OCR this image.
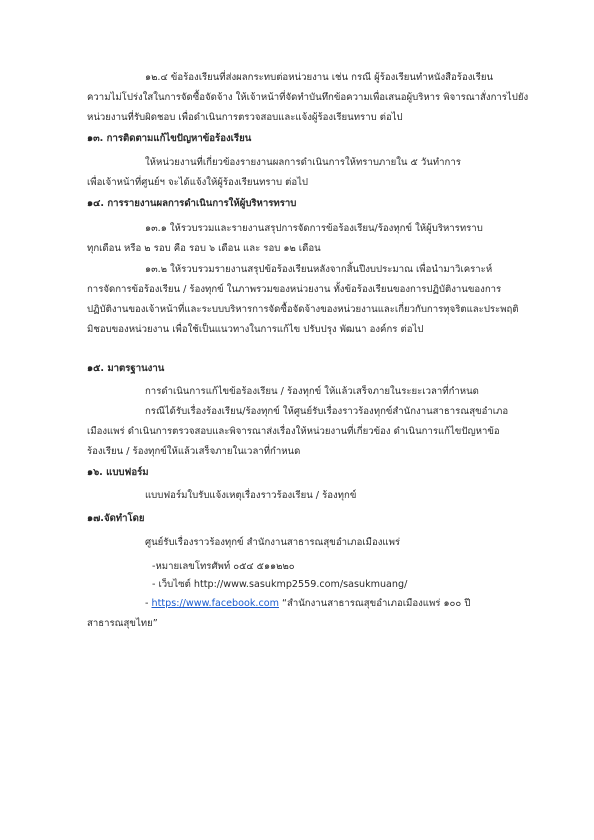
๑๒.๔ ข้อร้องเรียนที่ส่งผลกระทบต่อหน่วยงาน เช่น กรณี ผู้ร้องเรียนทำหนังสือร้องเรียน
ความไม่โปร่งใสในการจัดซื้อจัดจ้าง ให้เจ้าหน้าที่จัดทำบันทึกข้อความเพื่อเสนอผู้บริหาร พิจารณาสั่งการไปยัง
หน่วยงานที่รับผิดชอบ เพื่อดำเนินการตรวจสอบและแจ้งผู้ร้องเรียนทราบ ต่อไป
๑๓. การติดตามแก้ไขปัญหาข้อร้องเรียน
ให้หน่วยงานที่เกี่ยวข้องรายงานผลการดำเนินการให้ทราบภายใน ๕ วันทำการ
เพื่อเจ้าหน้าที่ศูนย์ฯ จะได้แจ้งให้ผู้ร้องเรียนทราบ ต่อไป
๑๔. การรายงานผลการดำเนินการให้ผู้บริหารทราบ
๑๓.๑ ให้รวบรวมและรายงานสรุปการจัดการข้อร้องเรียน/ร้องทุกข์ ให้ผู้บริหารทราบ
ทุกเดือน หรือ ๒ รอบ คือ รอบ ๖ เดือน และ รอบ ๑๒ เดือน
๑๓.๒ ให้รวบรวมรายงานสรุปข้อร้องเรียนหลังจากสิ้นปีงบประมาณ เพื่อนำมาวิเคราะห์
การจัดการข้อร้องเรียน / ร้องทุกข์ ในภาพรวมของหน่วยงาน ทั้งข้อร้องเรียนของการปฏิบัติงานของการ
ปฏิบัติงานของเจ้าหน้าที่และระบบบริหารการจัดซื้อจัดจ้างของหน่วยงานและเกี่ยวกับการทุจริตและประพฤติ
มิชอบของหน่วยงาน เพื่อใช้เป็นแนวทางในการแก้ไข ปรับปรุง พัฒนา องค์กร ต่อไป
๑๕. มาตรฐานงาน
การดำเนินการแก้ไขข้อร้องเรียน / ร้องทุกข์ ให้แล้วเสร็จภายในระยะเวลาที่กำหนด
กรณีได้รับเรื่องร้องเรียน/ร้องทุกข์ ให้ศูนย์รับเรื่องราวร้องทุกข์สำนักงานสาธารณสุขอำเภอ
เมืองแพร่ ดำเนินการตรวจสอบและพิจารณาส่งเรื่องให้หน่วยงานที่เกี่ยวข้อง ดำเนินการแก้ไขปัญหาข้อ
ร้องเรียน / ร้องทุกข์ให้แล้วเสร็จภายในเวลาที่กำหนด
๑๖. แบบฟอร์ม
แบบฟอร์มใบรับแจ้งเหตุเรื่องราวร้องเรียน / ร้องทุกข์
๑๗.จัดทำโดย
ศูนย์รับเรื่องราวร้องทุกข์ สำนักงานสาธารณสุขอำเภอเมืองแพร่
-หมายเลขโทรศัพท์ ๐๕๔ ๕๑๑๒๒๐
- เว็บไซต์ http://www.sasukmp2559.com/sasukmuang/
- https://www.facebook.com “สำนักงานสาธารณสุขอำเภอเมืองแพร่ ๑๐๐ ปี
สาธารณสุขไทย”
